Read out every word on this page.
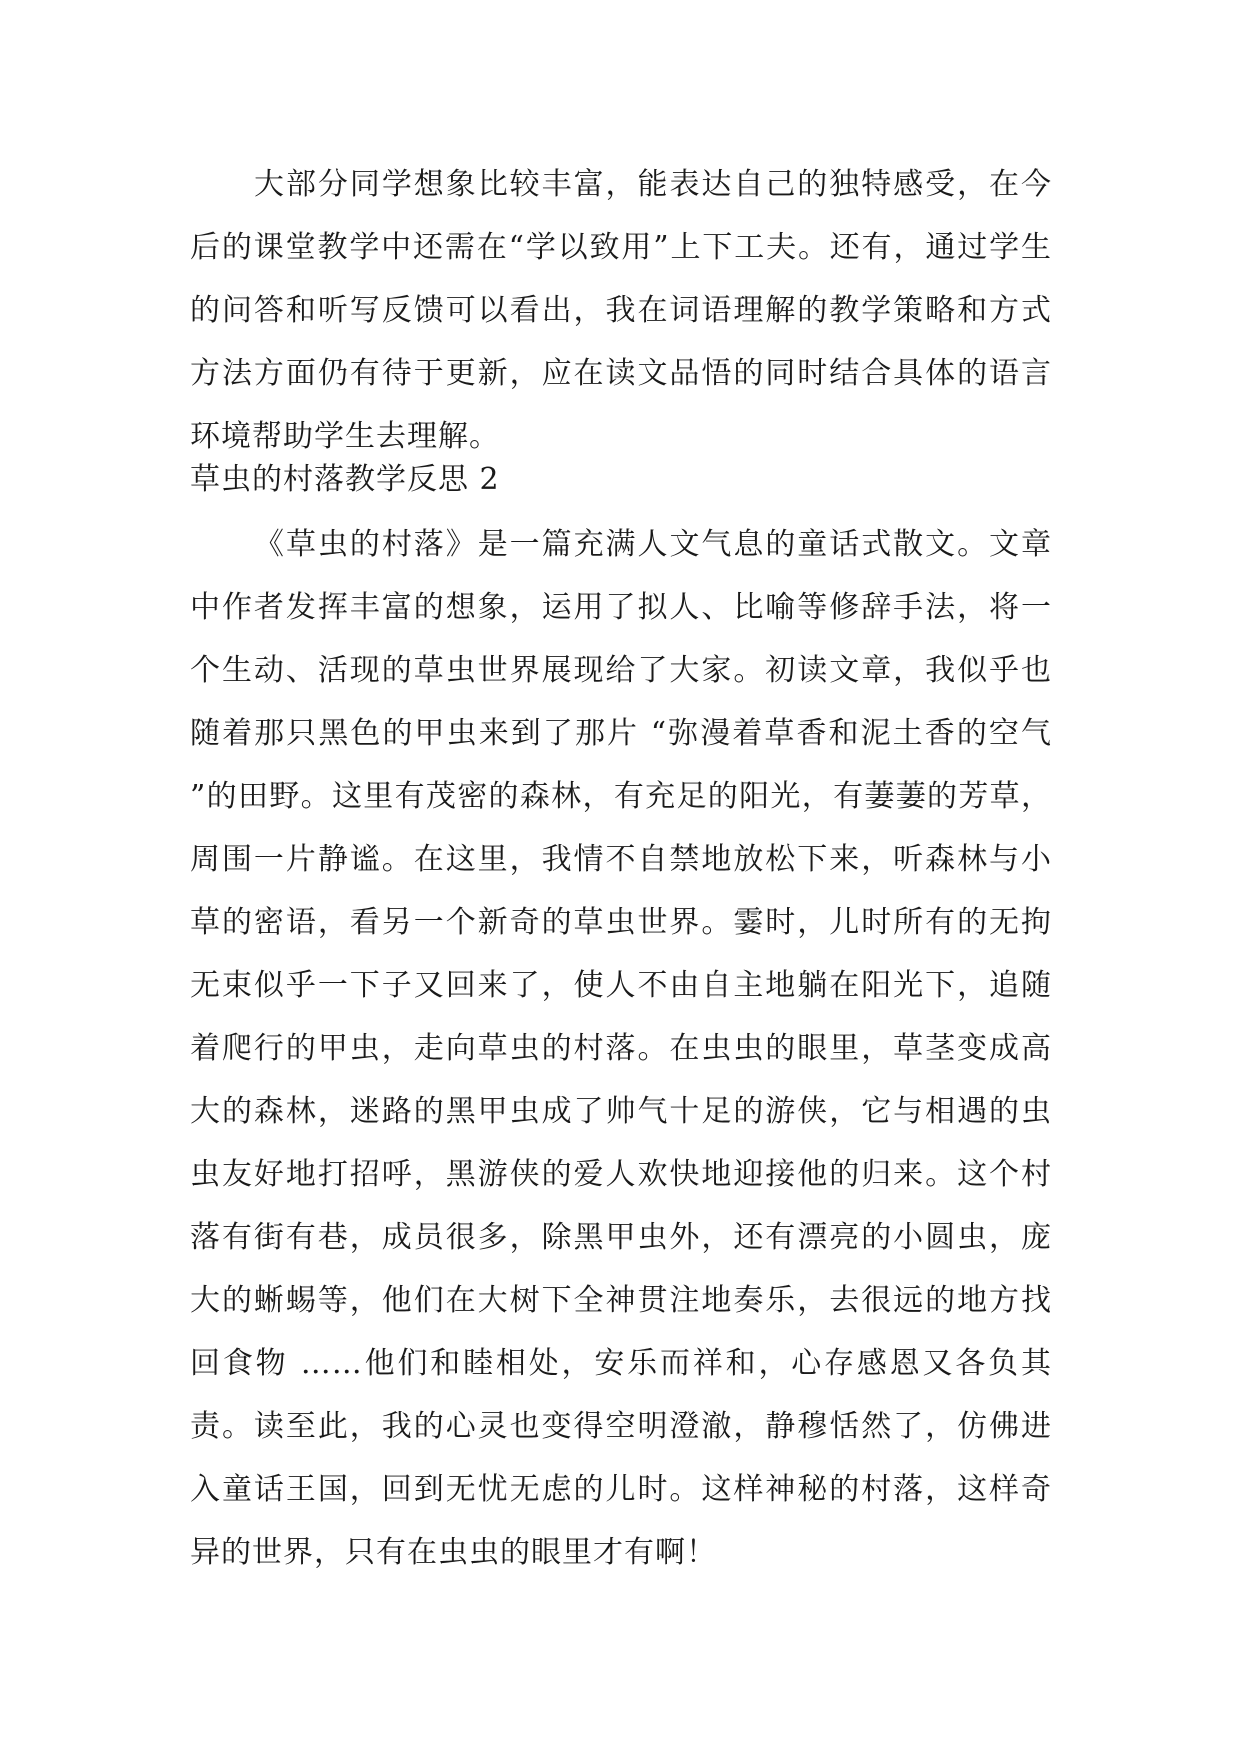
大部分同学想象比较丰富，能表达自己的独特感受，在今后的课堂教学中还需在“学以致用”上下工夫。还有，通过学生的问答和听写反馈可以看出，我在词语理解的教学策略和方式方法方面仍有待于更新，应在读文品悟的同时结合具体的语言环境帮助学生去理解。

草虫的村落教学反思 2

《草虫的村落》是一篇充满人文气息的童话式散文。文章中作者发挥丰富的想象，运用了拟人、比喻等修辞手法，将一个生动、活现的草虫世界展现给了大家。初读文章，我似乎也随着那只黑色的甲虫来到了那片 “弥漫着草香和泥土香的空气 ”的田野。这里有茂密的森林，有充足的阳光，有萋萋的芳草，周围一片静谧。在这里，我情不自禁地放松下来，听森林与小草的密语，看另一个新奇的草虫世界。霎时，儿时所有的无拘无束似乎一下子又回来了，使人不由自主地躺在阳光下，追随着爬行的甲虫，走向草虫的村落。在虫虫的眼里，草茎变成高大的森林，迷路的黑甲虫成了帅气十足的游侠，它与相遇的虫虫友好地打招呼，黑游侠的爱人欢快地迎接他的归来。这个村落有街有巷，成员很多，除黑甲虫外，还有漂亮的小圆虫，庞大的蜥蜴等，他们在大树下全神贯注地奏乐，去很远的地方找回食物 ……他们和睦相处，安乐而祥和，心存感恩又各负其责。读至此，我的心灵也变得空明澄澈，静穆恬然了，仿佛进入童话王国，回到无忧无虑的儿时。这样神秘的村落，这样奇异的世界，只有在虫虫的眼里才有啊！
